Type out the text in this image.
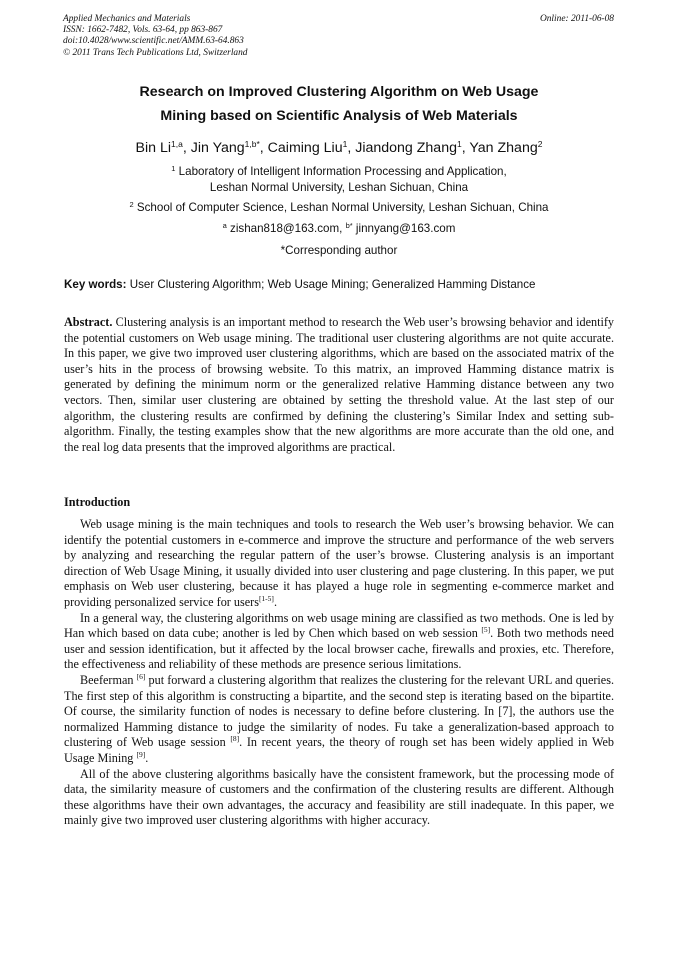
Applied Mechanics and Materials
ISSN: 1662-7482, Vols. 63-64, pp 863-867
doi:10.4028/www.scientific.net/AMM.63-64.863
© 2011 Trans Tech Publications Ltd, Switzerland
Online: 2011-06-08
Research on Improved Clustering Algorithm on Web Usage
Mining based on Scientific Analysis of Web Materials
Bin Li$^{1,a}$, Jin Yang$^{1,b*}$, Caiming Liu$^1$, Jiandong Zhang$^1$, Yan Zhang$^2$
$^1$ Laboratory of Intelligent Information Processing and Application,
Leshan Normal University, Leshan Sichuan, China
$^2$ School of Computer Science, Leshan Normal University, Leshan Sichuan, China
$^a$ zishan818@163.com, $^{b*}$ jinnyang@163.com
*Corresponding author
Key words: User Clustering Algorithm; Web Usage Mining; Generalized Hamming Distance
Abstract. Clustering analysis is an important method to research the Web user’s browsing behavior and identify the potential customers on Web usage mining. The traditional user clustering algorithms are not quite accurate. In this paper, we give two improved user clustering algorithms, which are based on the associated matrix of the user’s hits in the process of browsing website. To this matrix, an improved Hamming distance matrix is generated by defining the minimum norm or the generalized relative Hamming distance between any two vectors. Then, similar user clustering are obtained by setting the threshold value. At the last step of our algorithm, the clustering results are confirmed by defining the clustering’s Similar Index and setting sub-algorithm. Finally, the testing examples show that the new algorithms are more accurate than the old one, and the real log data presents that the improved algorithms are practical.
Introduction

Web usage mining is the main techniques and tools to research the Web user’s browsing behavior. We can identify the potential customers in e-commerce and improve the structure and performance of the web servers by analyzing and researching the regular pattern of the user’s browse. Clustering analysis is an important direction of Web Usage Mining, it usually divided into user clustering and page clustering. In this paper, we put emphasis on Web user clustering, because it has played a huge role in segmenting e-commerce market and providing personalized service for users[1-5].

In a general way, the clustering algorithms on web usage mining are classified as two methods. One is led by Han which based on data cube; another is led by Chen which based on web session [5]. Both two methods need user and session identification, but it affected by the local browser cache, firewalls and proxies, etc. Therefore, the effectiveness and reliability of these methods are presence serious limitations.

Beeferman [6] put forward a clustering algorithm that realizes the clustering for the relevant URL and queries. The first step of this algorithm is constructing a bipartite, and the second step is iterating based on the bipartite. Of course, the similarity function of nodes is necessary to define before clustering. In [7], the authors use the normalized Hamming distance to judge the similarity of nodes. Fu take a generalization-based approach to clustering of Web usage session [8]. In recent years, the theory of rough set has been widely applied in Web Usage Mining [9].

All of the above clustering algorithms basically have the consistent framework, but the processing mode of data, the similarity measure of customers and the confirmation of the clustering results are different. Although these algorithms have their own advantages, the accuracy and feasibility are still inadequate. In this paper, we mainly give two improved user clustering algorithms with higher accuracy.
